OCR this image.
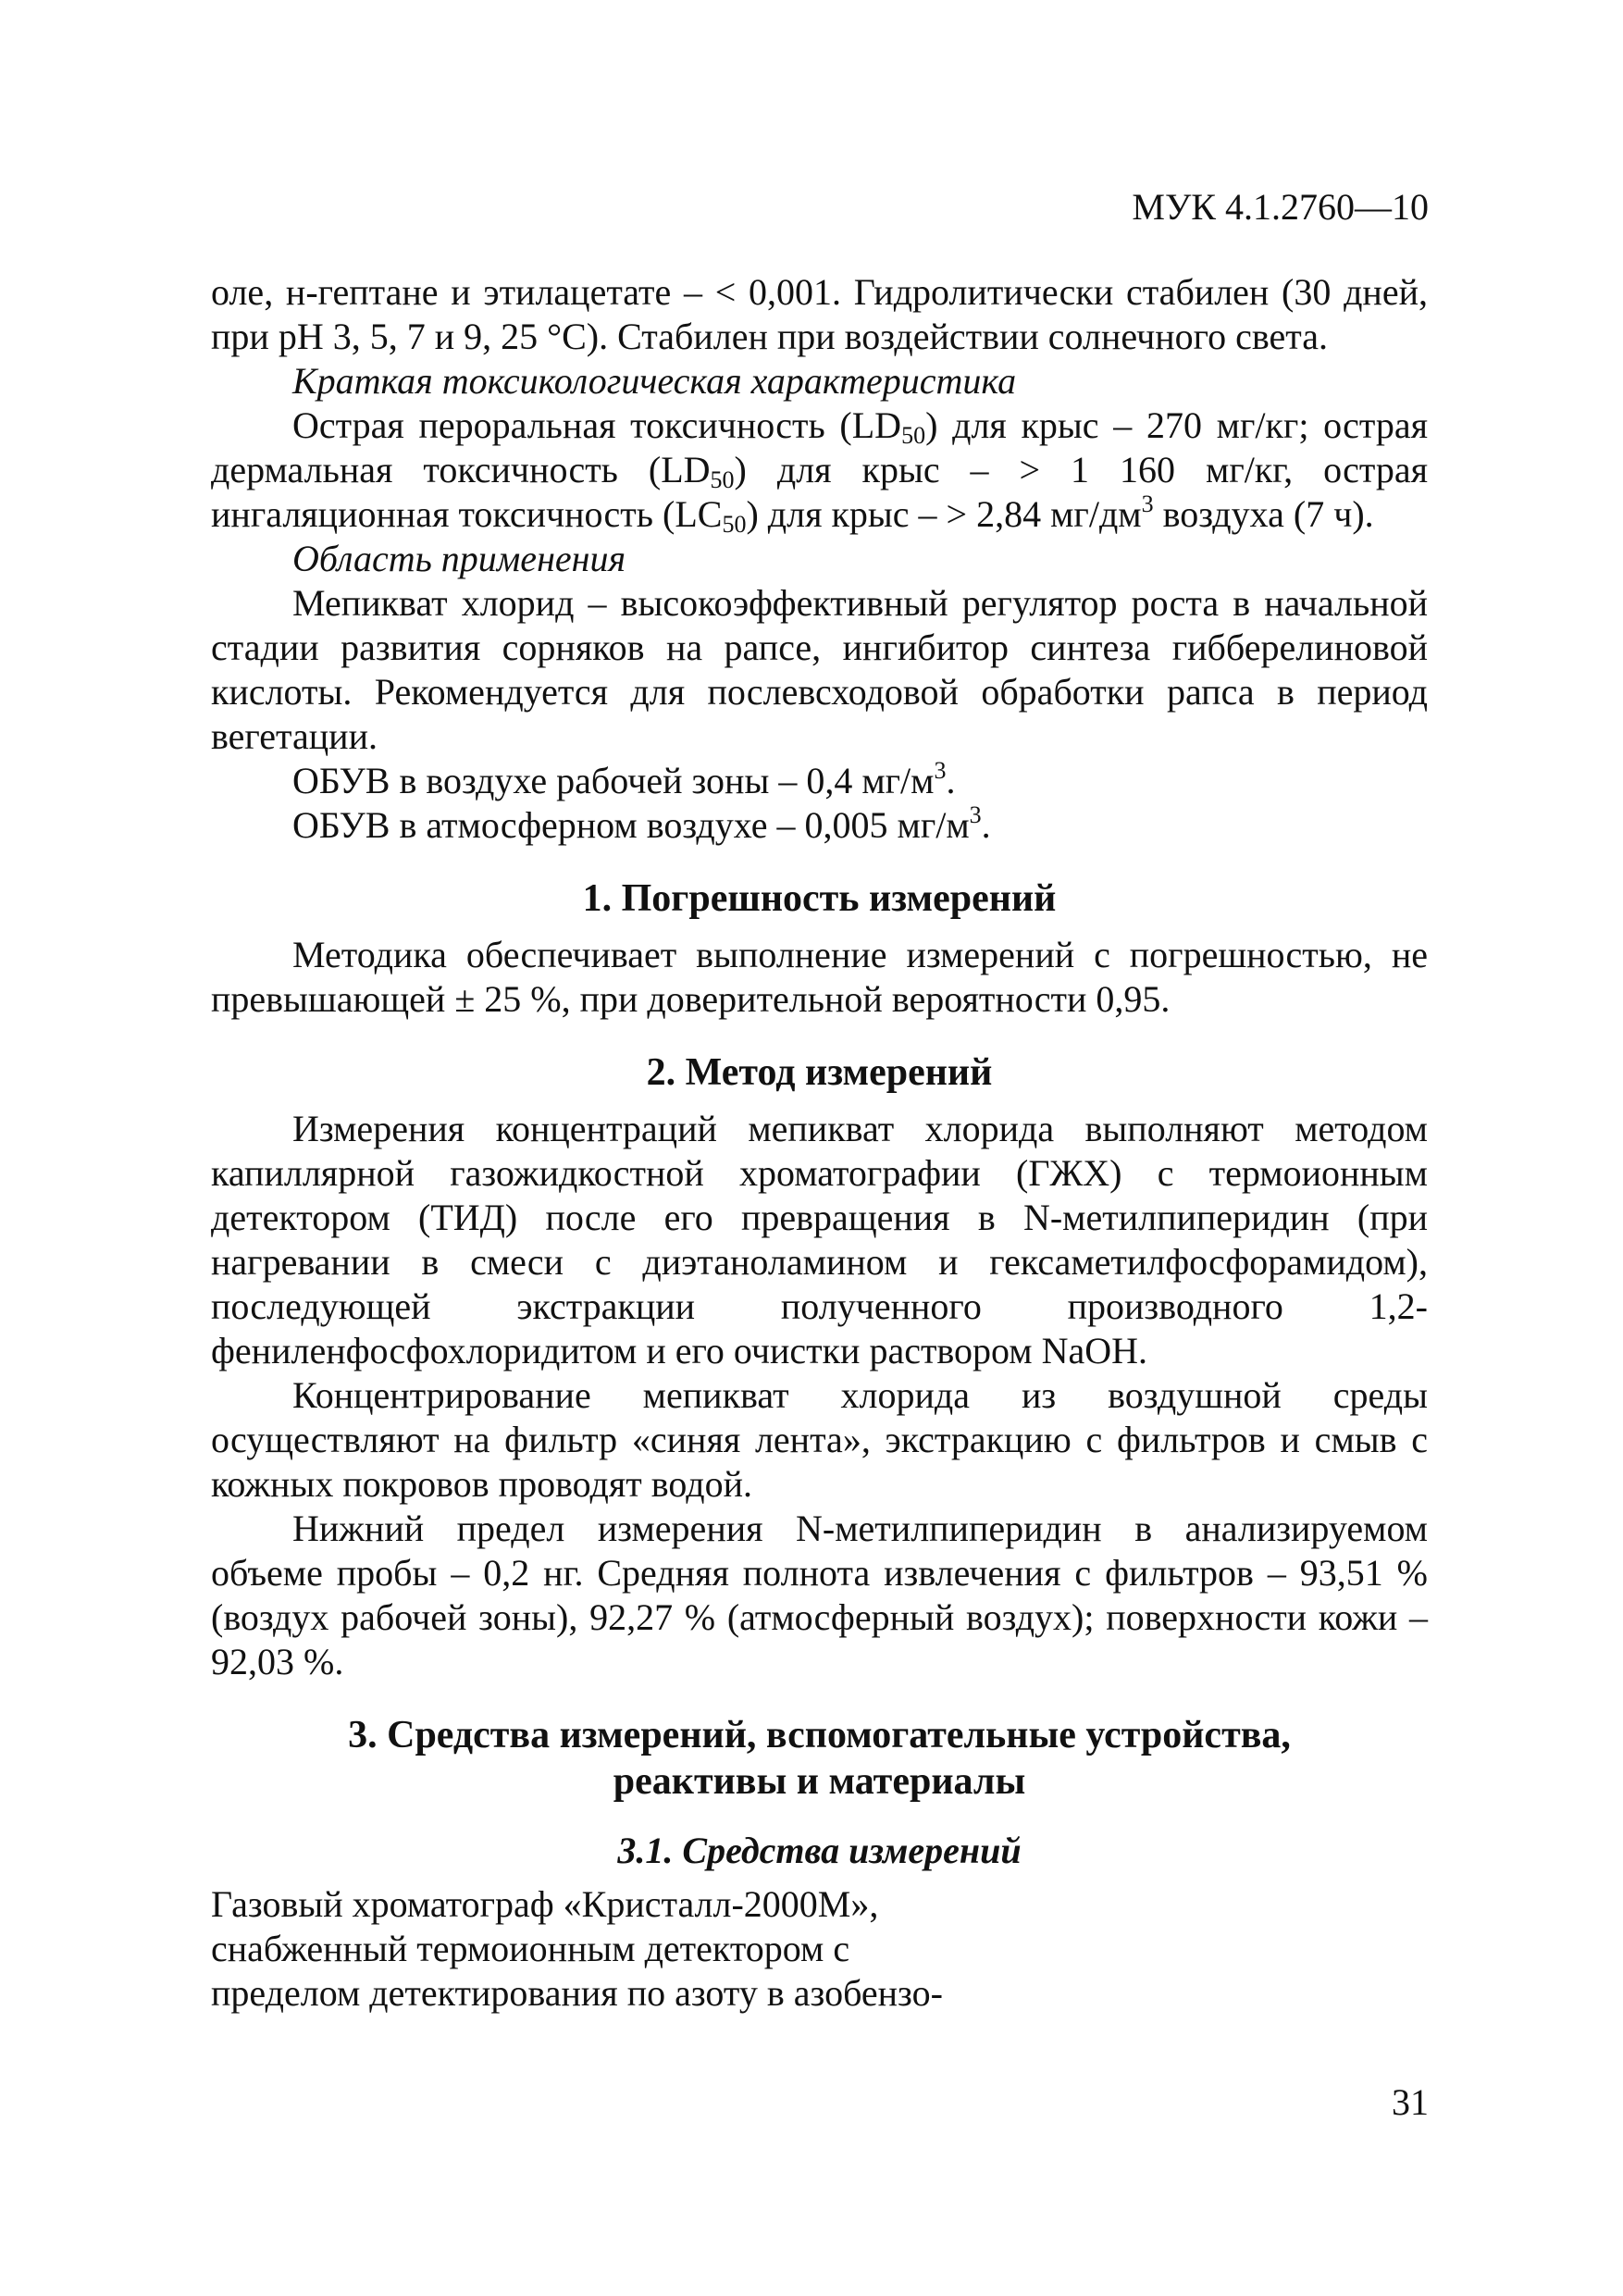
МУК 4.1.2760—10

оле, н-гептане и этилацетате – < 0,001. Гидролитически стабилен (30 дней, при pH 3, 5, 7 и 9, 25 °С). Стабилен при воздействии солнечного света.

Краткая токсикологическая характеристика

Острая пероральная токсичность $(LD_{50})$ для крыс – 270 мг/кг; острая дермальная токсичность $(LD_{50})$ для крыс – > 1 160 мг/кг, острая ингаляционная токсичность $(LC_{50})$ для крыс – > 2,84 $мг/дм^3$ воздуха (7 ч).

Область применения

Мепикват хлорид – высокоэффективный регулятор роста в начальной стадии развития сорняков на рапсе, ингибитор синтеза гибберелиновой кислоты. Рекомендуется для послевсходовой обработки рапса в период вегетации.

ОБУВ в воздухе рабочей зоны – 0,4 $мг/м^3$.

ОБУВ в атмосферном воздухе – 0,005 $мг/м^3$.

1. Погрешность измерений

Методика обеспечивает выполнение измерений с погрешностью, не превышающей ± 25 %, при доверительной вероятности 0,95.

2. Метод измерений

Измерения концентраций мепикват хлорида выполняют методом капиллярной газожидкостной хроматографии (ГЖХ) с термоионным детектором (ТИД) после его превращения в N-метилпиперидин (при нагревании в смеси с диэтаноламином и гексаметилфосфорамидом), последующей экстракции полученного производного 1,2-фениленфосфохлоридитом и его очистки раствором NaOH.

Концентрирование мепикват хлорида из воздушной среды осуществляют на фильтр «синяя лента», экстракцию с фильтров и смыв с кожных покровов проводят водой.

Нижний предел измерения N-метилпиперидин в анализируемом объеме пробы – 0,2 нг. Средняя полнота извлечения с фильтров – 93,51 % (воздух рабочей зоны), 92,27 % (атмосферный воздух); поверхности кожи – 92,03 %.

3. Средства измерений, вспомогательные устройства,
реактивы и материалы
3.1. Средства измерений

Газовый хроматограф «Кристалл-2000М»,
снабженный термоионным детектором с
пределом детектирования по азоту в азобензо-

31
